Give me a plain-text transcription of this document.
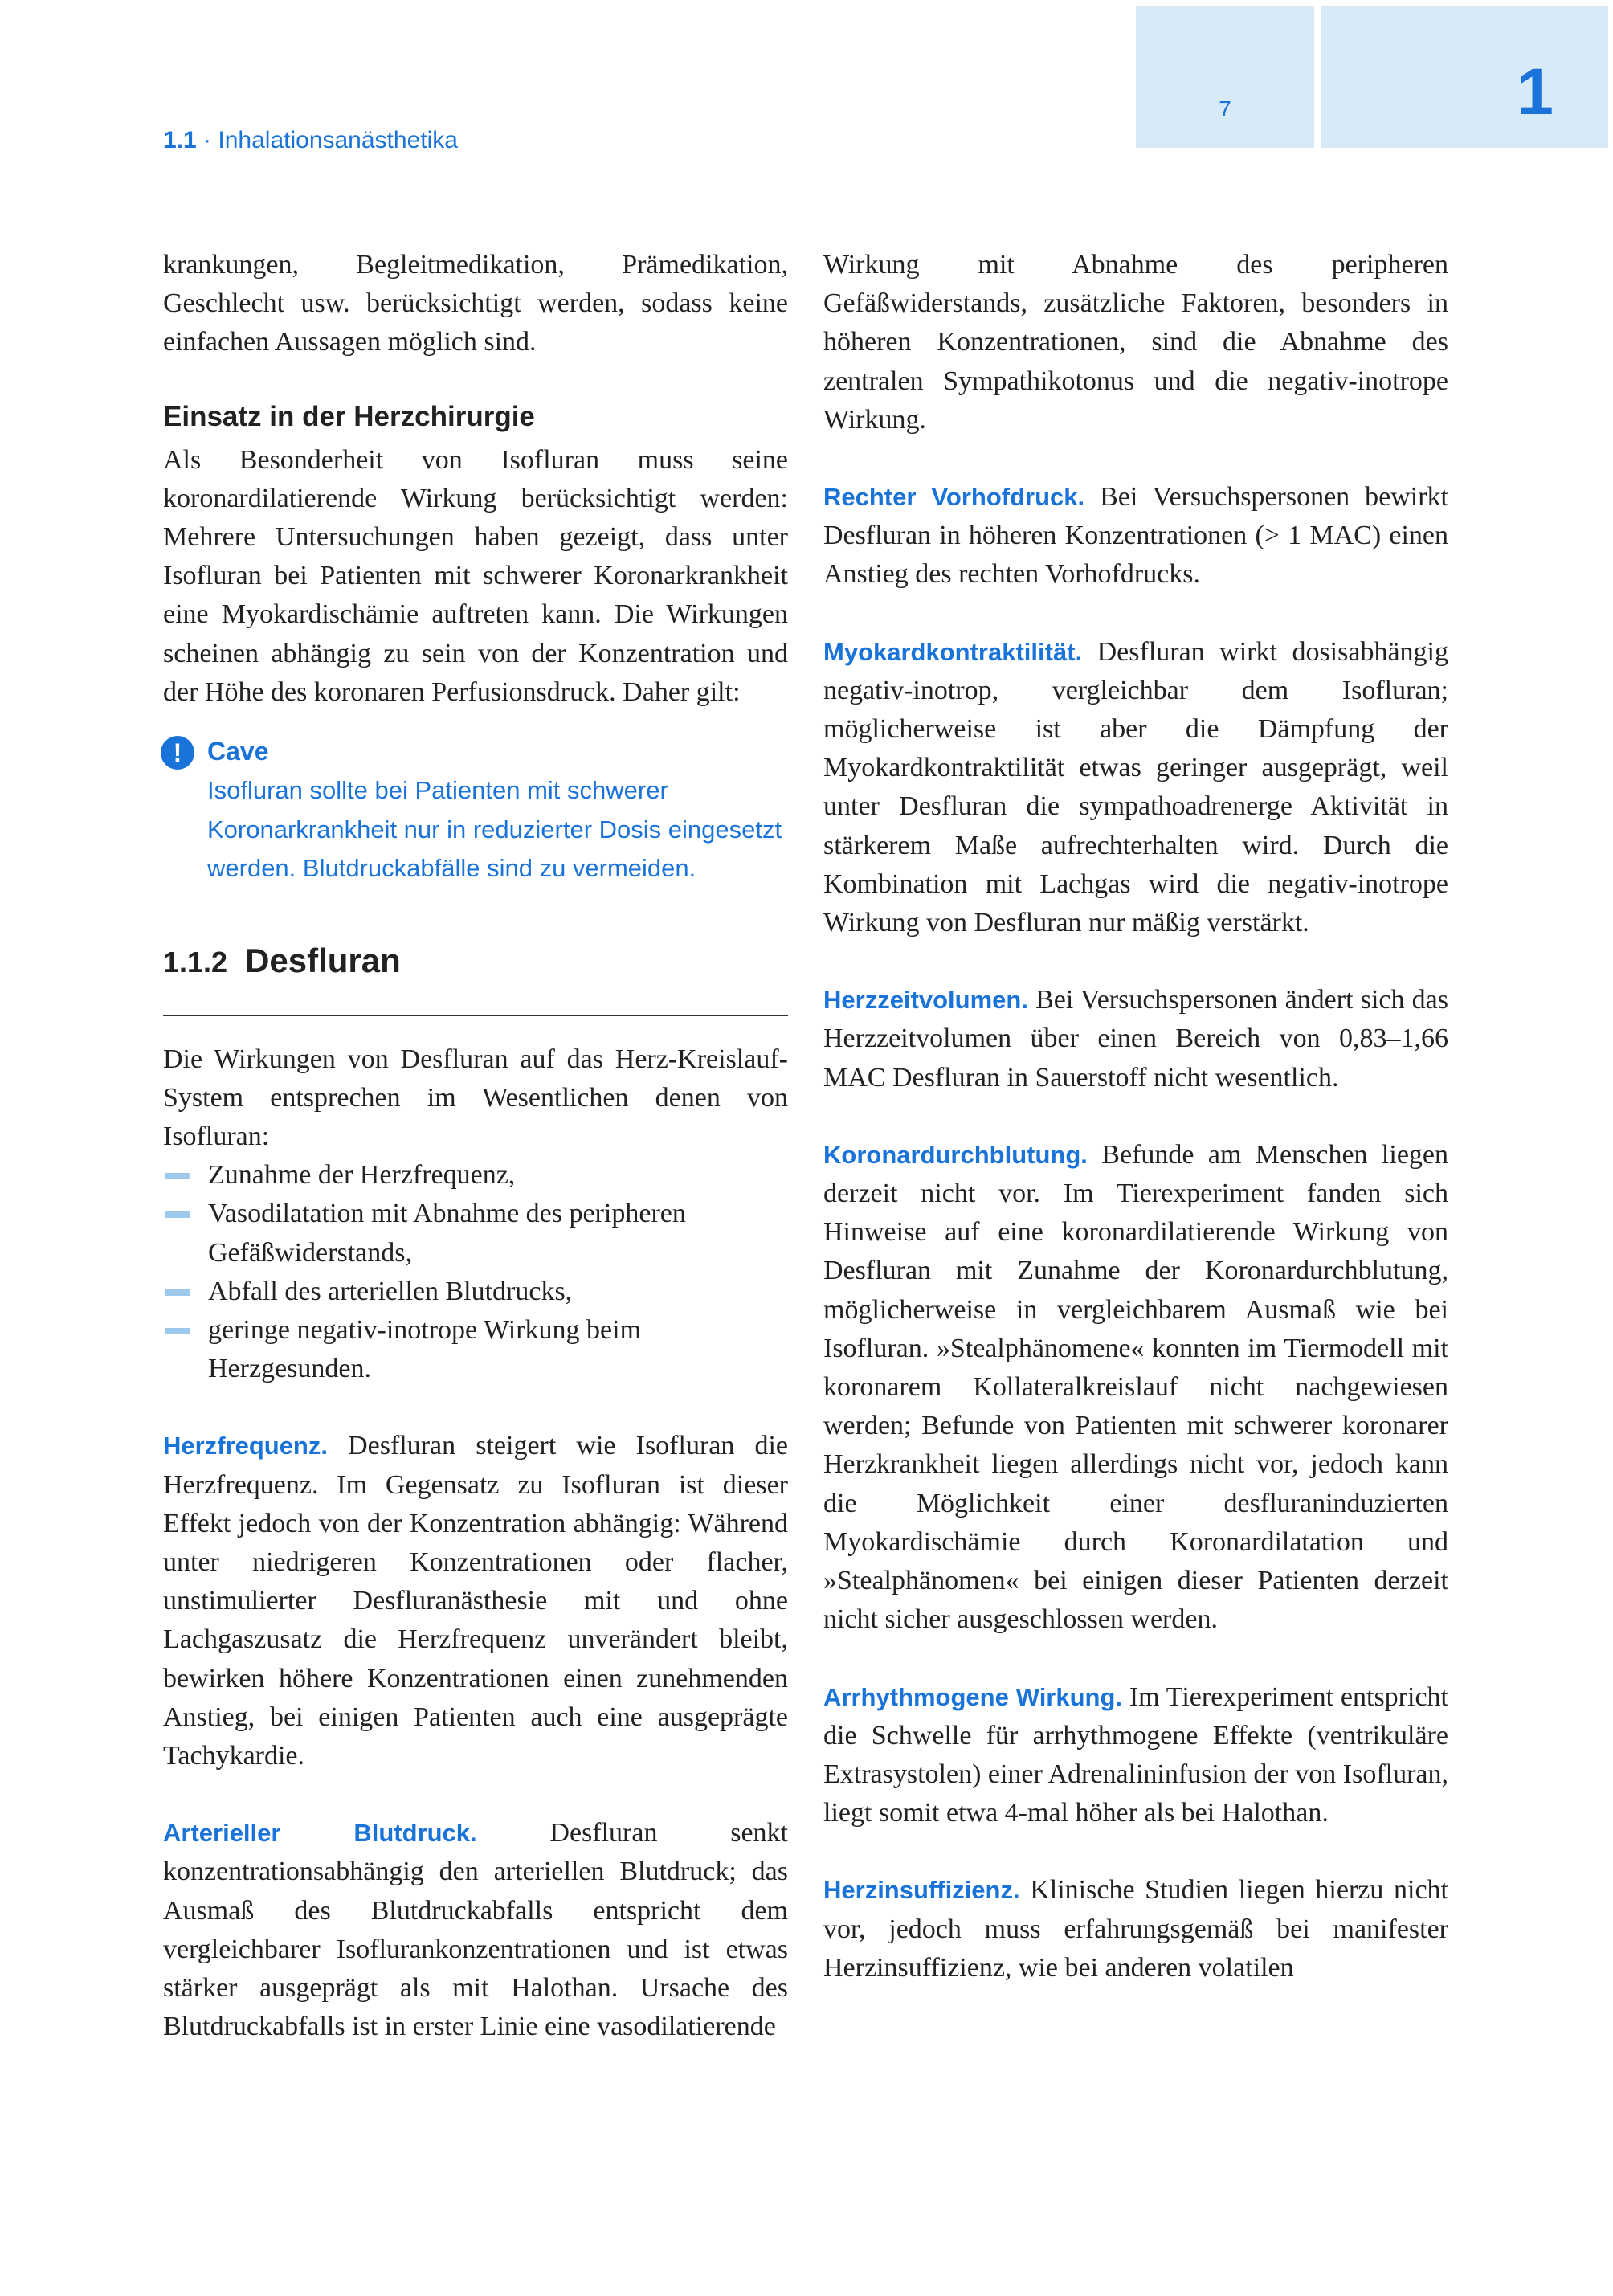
1.1 · Inhalationsanästhetika
7	1

krankungen, Begleitmedikation, Prämedikation, Geschlecht usw. berücksichtigt werden, sodass keine einfachen Aussagen möglich sind.

Einsatz in der Herzchirurgie

Als Besonderheit von Isofluran muss seine koronardilatierende Wirkung berücksichtigt werden: Mehrere Untersuchungen haben gezeigt, dass unter Isofluran bei Patienten mit schwerer Koronarkrankheit eine Myokardischämie auftreten kann. Die Wirkungen scheinen abhängig zu sein von der Konzentration und der Höhe des koronaren Perfusionsdruck. Daher gilt:

! Cave
Isofluran sollte bei Patienten mit schwerer Koronarkrankheit nur in reduzierter Dosis eingesetzt werden. Blutdruckabfälle sind zu vermeiden.
1.1.2 Desfluran

Die Wirkungen von Desfluran auf das Herz-Kreislauf-System entsprechen im Wesentlichen denen von Isofluran:

Zunahme der Herzfrequenz,
Vasodilatation mit Abnahme des peripheren Gefäßwiderstands,
Abfall des arteriellen Blutdrucks,
geringe negativ-inotrope Wirkung beim Herzgesunden.

Herzfrequenz. Desfluran steigert wie Isofluran die Herzfrequenz. Im Gegensatz zu Isofluran ist dieser Effekt jedoch von der Konzentration abhängig: Während unter niedrigeren Konzentrationen oder flacher, unstimulierter Desfluranästhesie mit und ohne Lachgaszusatz die Herzfrequenz unverändert bleibt, bewirken höhere Konzentrationen einen zunehmenden Anstieg, bei einigen Patienten auch eine ausgeprägte Tachykardie.

Arterieller Blutdruck. Desfluran senkt konzentrationsabhängig den arteriellen Blutdruck; das Ausmaß des Blutdruckabfalls entspricht dem vergleichbarer Isoflurankonzentrationen und ist etwas stärker ausgeprägt als mit Halothan. Ursache des Blutdruckabfalls ist in erster Linie eine vasodilatierende

Wirkung mit Abnahme des peripheren Gefäßwiderstands, zusätzliche Faktoren, besonders in höheren Konzentrationen, sind die Abnahme des zentralen Sympathikotonus und die negativ-inotrope Wirkung.

Rechter Vorhofdruck. Bei Versuchspersonen bewirkt Desfluran in höheren Konzentrationen (> 1 MAC) einen Anstieg des rechten Vorhofdrucks.

Myokardkontraktilität. Desfluran wirkt dosisabhängig negativ-inotrop, vergleichbar dem Isofluran; möglicherweise ist aber die Dämpfung der Myokardkontraktilität etwas geringer ausgeprägt, weil unter Desfluran die sympathoadrenerge Aktivität in stärkerem Maße aufrechterhalten wird. Durch die Kombination mit Lachgas wird die negativ-inotrope Wirkung von Desfluran nur mäßig verstärkt.

Herzzeitvolumen. Bei Versuchspersonen ändert sich das Herzzeitvolumen über einen Bereich von 0,83–1,66 MAC Desfluran in Sauerstoff nicht wesentlich.

Koronardurchblutung. Befunde am Menschen liegen derzeit nicht vor. Im Tierexperiment fanden sich Hinweise auf eine koronardilatierende Wirkung von Desfluran mit Zunahme der Koronardurchblutung, möglicherweise in vergleichbarem Ausmaß wie bei Isofluran. »Stealphänomene« konnten im Tiermodell mit koronarem Kollateralkreislauf nicht nachgewiesen werden; Befunde von Patienten mit schwerer koronarer Herzkrankheit liegen allerdings nicht vor, jedoch kann die Möglichkeit einer desfluraninduzierten Myokardischämie durch Koronardilatation und »Stealphänomen« bei einigen dieser Patienten derzeit nicht sicher ausgeschlossen werden.

Arrhythmogene Wirkung. Im Tierexperiment entspricht die Schwelle für arrhythmogene Effekte (ventrikuläre Extrasystolen) einer Adrenalininfusion der von Isofluran, liegt somit etwa 4-mal höher als bei Halothan.

Herzinsuffizienz. Klinische Studien liegen hierzu nicht vor, jedoch muss erfahrungsgemäß bei manifester Herzinsuffizienz, wie bei anderen volatilen
